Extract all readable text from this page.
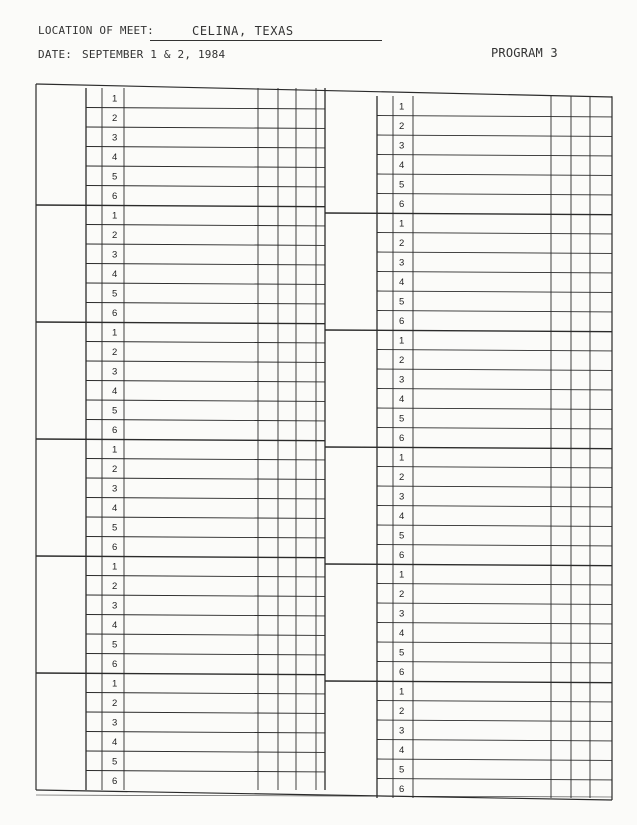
LOCATION OF MEET:	CELINA, TEXAS
DATE: SEPTEMBER 1 & 2, 1984	PROGRAM 3
1
2
3
4
5
6
1
2
3
4
5
6
1
2
3
4
5
6
1
2
3
4
5
6
1
2
3
4
5
6
1
2
3
4
5
6
1
2
3
4
5
6
1
2
3
4
5
6
1
2
3
4
5
6
1
2
3
4
5
6
1
2
3
4
5
6
1
2
3
4
5
6
